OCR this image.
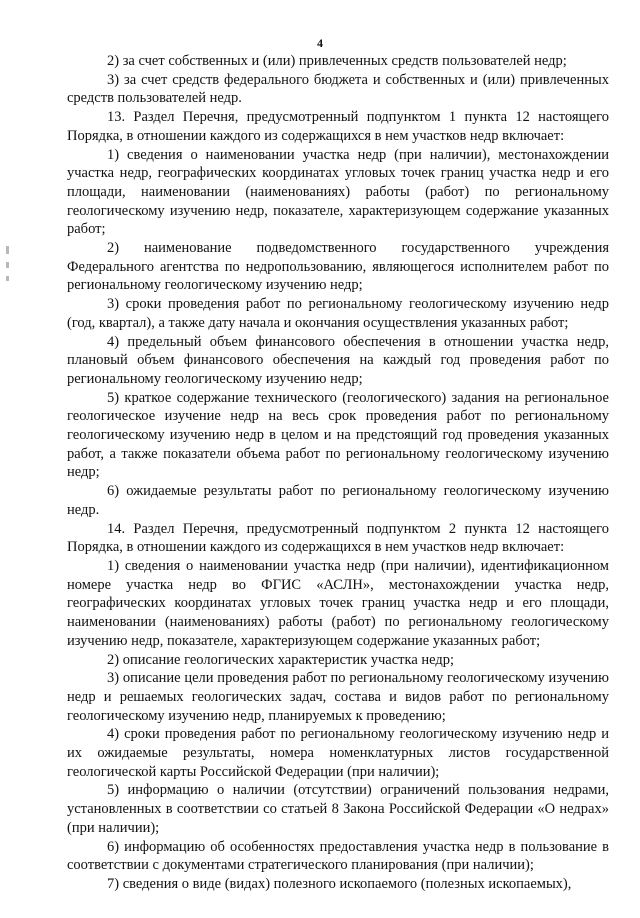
4

2) за счет собственных и (или) привлеченных средств пользователей недр;

3) за счет средств федерального бюджета и собственных и (или) привлеченных средств пользователей недр.

13. Раздел Перечня, предусмотренный подпунктом 1 пункта 12 настоящего Порядка, в отношении каждого из содержащихся в нем участков недр включает:

1) сведения о наименовании участка недр (при наличии), местонахождении участка недр, географических координатах угловых точек границ участка недр и его площади, наименовании (наименованиях) работы (работ) по региональному геологическому изучению недр, показателе, характеризующем содержание указанных работ;

2) наименование подведомственного государственного учреждения Федерального агентства по недропользованию, являющегося исполнителем работ по региональному геологическому изучению недр;

3) сроки проведения работ по региональному геологическому изучению недр (год, квартал), а также дату начала и окончания осуществления указанных работ;

4) предельный объем финансового обеспечения в отношении участка недр, плановый объем финансового обеспечения на каждый год проведения работ по региональному геологическому изучению недр;

5) краткое содержание технического (геологического) задания на региональное геологическое изучение недр на весь срок проведения работ по региональному геологическому изучению недр в целом и на предстоящий год проведения указанных работ, а также показатели объема работ по региональному геологическому изучению недр;

6) ожидаемые результаты работ по региональному геологическому изучению недр.

14. Раздел Перечня, предусмотренный подпунктом 2 пункта 12 настоящего Порядка, в отношении каждого из содержащихся в нем участков недр включает:

1) сведения о наименовании участка недр (при наличии), идентификационном номере участка недр во ФГИС «АСЛН», местонахождении участка недр, географических координатах угловых точек границ участка недр и его площади, наименовании (наименованиях) работы (работ) по региональному геологическому изучению недр, показателе, характеризующем содержание указанных работ;

2) описание геологических характеристик участка недр;

3) описание цели проведения работ по региональному геологическому изучению недр и решаемых геологических задач, состава и видов работ по региональному геологическому изучению недр, планируемых к проведению;

4) сроки проведения работ по региональному геологическому изучению недр и их ожидаемые результаты, номера номенклатурных листов государственной геологической карты Российской Федерации (при наличии);

5) информацию о наличии (отсутствии) ограничений пользования недрами, установленных в соответствии со статьей 8 Закона Российской Федерации «О недрах» (при наличии);

6) информацию об особенностях предоставления участка недр в пользование в соответствии с документами стратегического планирования (при наличии);

7) сведения о виде (видах) полезного ископаемого (полезных ископаемых),
